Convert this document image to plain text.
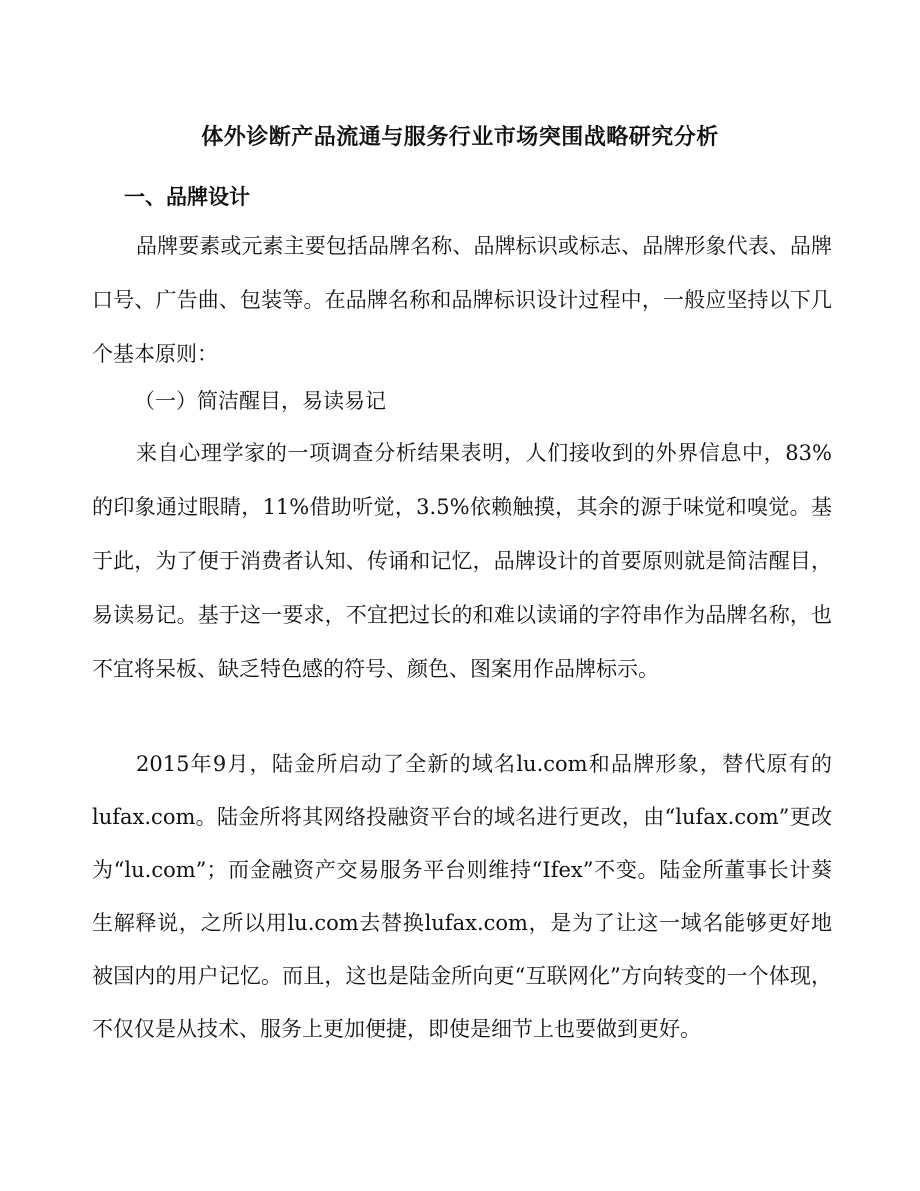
体外诊断产品流通与服务行业市场突围战略研究分析
一、品牌设计
品牌要素或元素主要包括品牌名称、品牌标识或标志、品牌形象代表、品牌口号、广告曲、包装等。在品牌名称和品牌标识设计过程中，一般应坚持以下几个基本原则：
（一）简洁醒目，易读易记
来自心理学家的一项调查分析结果表明，人们接收到的外界信息中，83%的印象通过眼睛，11%借助听觉，3.5%依赖触摸，其余的源于味觉和嗅觉。基于此，为了便于消费者认知、传诵和记忆，品牌设计的首要原则就是简洁醒目，易读易记。基于这一要求，不宜把过长的和难以读诵的字符串作为品牌名称，也不宜将呆板、缺乏特色感的符号、颜色、图案用作品牌标示。
2015年9月，陆金所启动了全新的域名lu.com和品牌形象，替代原有的lufax.com。陆金所将其网络投融资平台的域名进行更改，由“lufax.com”更改为“lu.com”；而金融资产交易服务平台则维持“Ifex”不变。陆金所董事长计葵生解释说，之所以用lu.com去替换lufax.com，是为了让这一域名能够更好地被国内的用户记忆。而且，这也是陆金所向更“互联网化”方向转变的一个体现，不仅仅是从技术、服务上更加便捷，即使是细节上也要做到更好。
